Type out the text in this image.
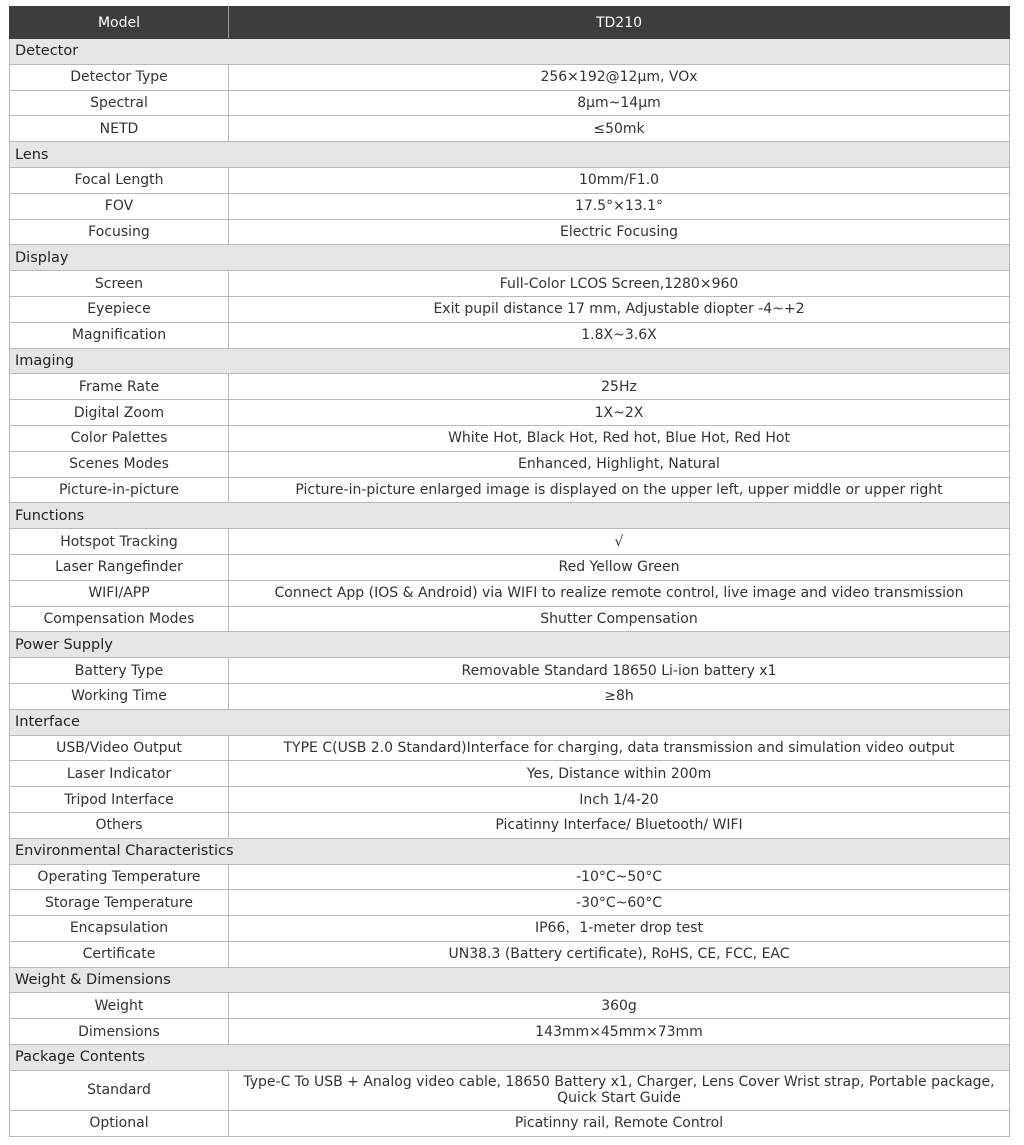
Model	TD210
Detector	
Detector Type	256×192@12μm, VOx
Spectral	8μm~14μm
NETD	≤50mk
Lens	
Focal Length	10mm/F1.0
FOV	17.5°×13.1°
Focusing	Electric Focusing
Display	
Screen	Full-Color LCOS Screen,1280×960
Eyepiece	Exit pupil distance 17 mm, Adjustable diopter -4~+2
Magnification	1.8X~3.6X
Imaging	
Frame Rate	25Hz
Digital Zoom	1X~2X
Color Palettes	White Hot, Black Hot, Red hot, Blue Hot, Red Hot
Scenes Modes	Enhanced, Highlight, Natural
Picture-in-picture	Picture-in-picture enlarged image is displayed on the upper left, upper middle or upper right
Functions	
Hotspot Tracking	√
Laser Rangefinder	Red Yellow Green
WIFI/APP	Connect App (IOS & Android) via WIFI to realize remote control, live image and video transmission
Compensation Modes	Shutter Compensation
Power Supply	
Battery Type	Removable Standard 18650 Li-ion battery x1
Working Time	≥8h
Interface	
USB/Video Output	TYPE C(USB 2.0 Standard)Interface for charging, data transmission and simulation video output
Laser Indicator	Yes, Distance within 200m
Tripod Interface	Inch 1/4-20
Others	Picatinny Interface/ Bluetooth/ WIFI
Environmental Characteristics	
Operating Temperature	-10°C~50°C
Storage Temperature	-30°C~60°C
Encapsulation	IP66，1-meter drop test
Certificate	UN38.3 (Battery certificate), RoHS, CE, FCC, EAC
Weight & Dimensions	
Weight	360g
Dimensions	143mm×45mm×73mm
Package Contents	
Standard	Type-C To USB + Analog video cable, 18650 Battery x1, Charger, Lens Cover Wrist strap, Portable package, Quick Start Guide
Optional	Picatinny rail, Remote Control
